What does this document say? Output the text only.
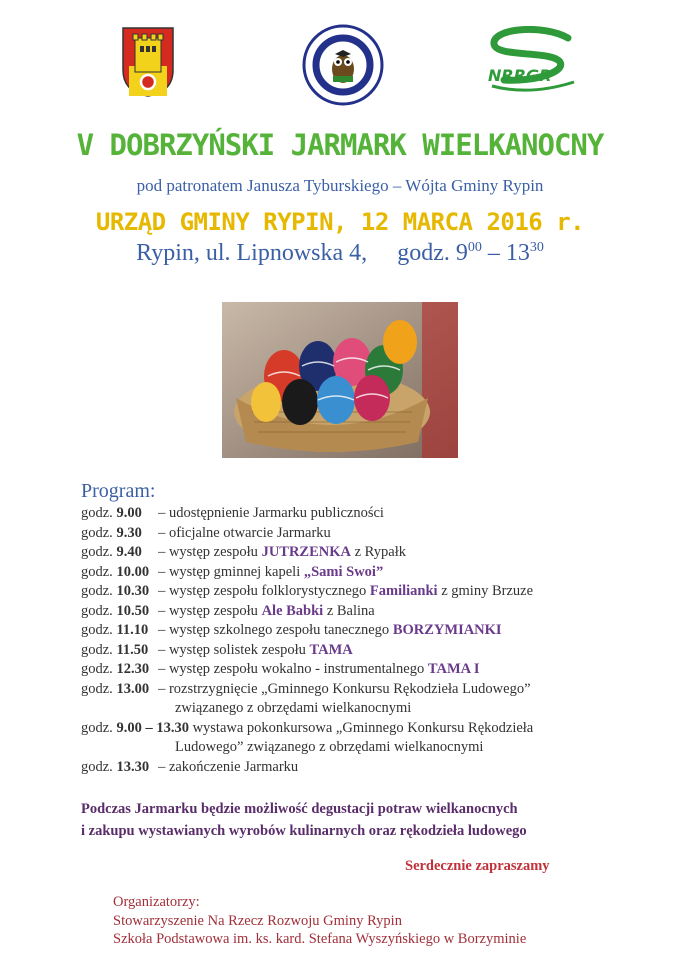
NRRGR
V DOBRZYŃSKI JARMARK WIELKANOCNY
pod patronatem Janusza Tyburskiego – Wójta Gminy Rypin
URZĄD GMINY RYPIN, 12 MARCA 2016 r.
Rypin, ul. Lipnowska 4, godz. $9^{00} - 13^{30}$
Program:
godz. 9.00 – udostępnienie Jarmarku publiczności
godz. 9.30 – oficjalne otwarcie Jarmarku
godz. 9.40 – występ zespołu JUTRZENKA z Rypałk
godz. 10.00 – występ gminnej kapeli „Sami Swoi”
godz. 10.30 – występ zespołu folklorystycznego Familianki z gminy Brzuze
godz. 10.50 – występ zespołu Ale Babki z Balina
godz. 11.10 – występ szkolnego zespołu tanecznego BORZYMIANKI
godz. 11.50 – występ solistek zespołu TAMA
godz. 12.30 – występ zespołu wokalno - instrumentalnego TAMA I
godz. 13.00 – rozstrzygnięcie „Gminnego Konkursu Rękodzieła Ludowego”
związanego z obrzędami wielkanocnymi
godz. 9.00 – 13.30 wystawa pokonkursowa „Gminnego Konkursu Rękodzieła
Ludowego” związanego z obrzędami wielkanocnymi
godz. 13.30 – zakończenie Jarmarku
Podczas Jarmarku będzie możliwość degustacji potraw wielkanocnych
i zakupu wystawianych wyrobów kulinarnych oraz rękodzieła ludowego
Serdecznie zapraszamy
Organizatorzy:
Stowarzyszenie Na Rzecz Rozwoju Gminy Rypin
Szkoła Podstawowa im. ks. kard. Stefana Wyszyńskiego w Borzyminie
